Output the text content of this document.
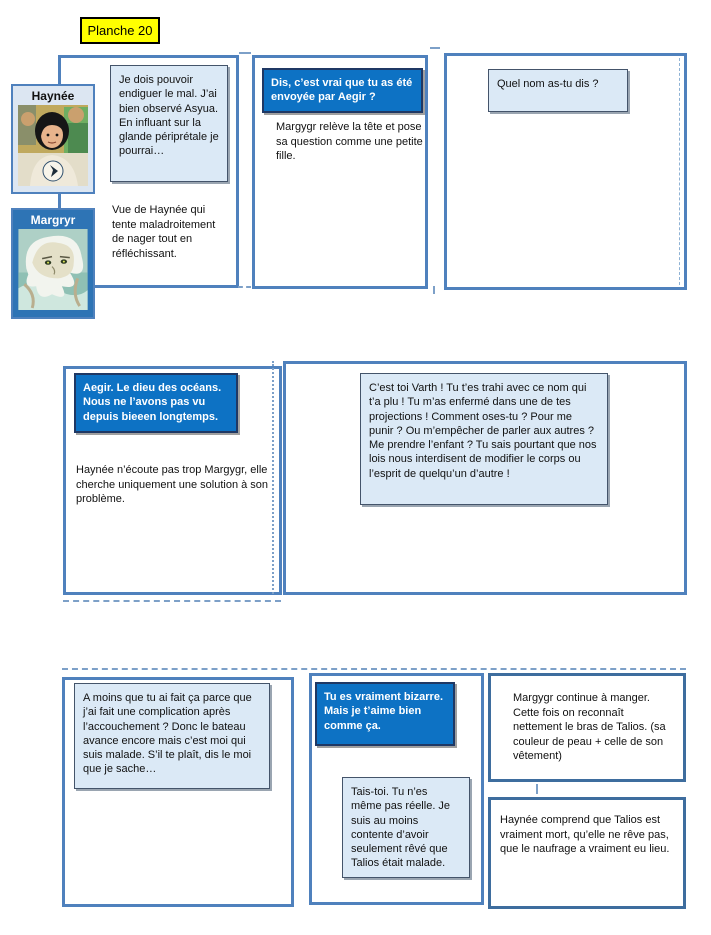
Planche 20
Haynée
Margryr
Je dois pouvoir endiguer le mal. J’ai bien observé Asyua. En influant sur la glande périprétale je pourrai…
Vue de Haynée qui tente maladroitement de nager tout en réfléchissant.
Dis, c’est vrai que tu as été envoyée par Aegir ?
Margygr relève la tête et pose sa question comme une petite fille.
Quel nom as-tu dis ?
Aegir. Le dieu des océans. Nous ne l’avons pas vu depuis bieeen longtemps.
Haynée n’écoute pas trop Margygr, elle cherche uniquement une solution à son problème.
C’est toi Varth ! Tu t’es trahi avec ce nom qui t’a plu ! Tu m’as enfermé dans une de tes projections ! Comment oses-tu ? Pour me punir ? Ou m’empêcher de parler aux autres ? Me prendre l’enfant ? Tu sais pourtant que nos lois nous interdisent de modifier le corps ou l’esprit de quelqu’un d’autre !
A moins que tu ai fait ça parce que j’ai fait une complication après l’accouchement ? Donc le bateau avance encore mais c’est moi qui suis malade. S’il te plaît, dis le moi que je sache…
Tu es vraiment bizarre. Mais je t’aime bien comme ça.
Tais-toi. Tu n’es même pas réelle. Je suis au moins contente d’avoir seulement rêvé que Talios était malade.
Margygr continue à manger. Cette fois on reconnaît nettement le bras de Talios. (sa couleur de peau + celle de son vêtement)
Haynée comprend que Talios est vraiment mort, qu’elle ne rêve pas, que le naufrage a vraiment eu lieu.
